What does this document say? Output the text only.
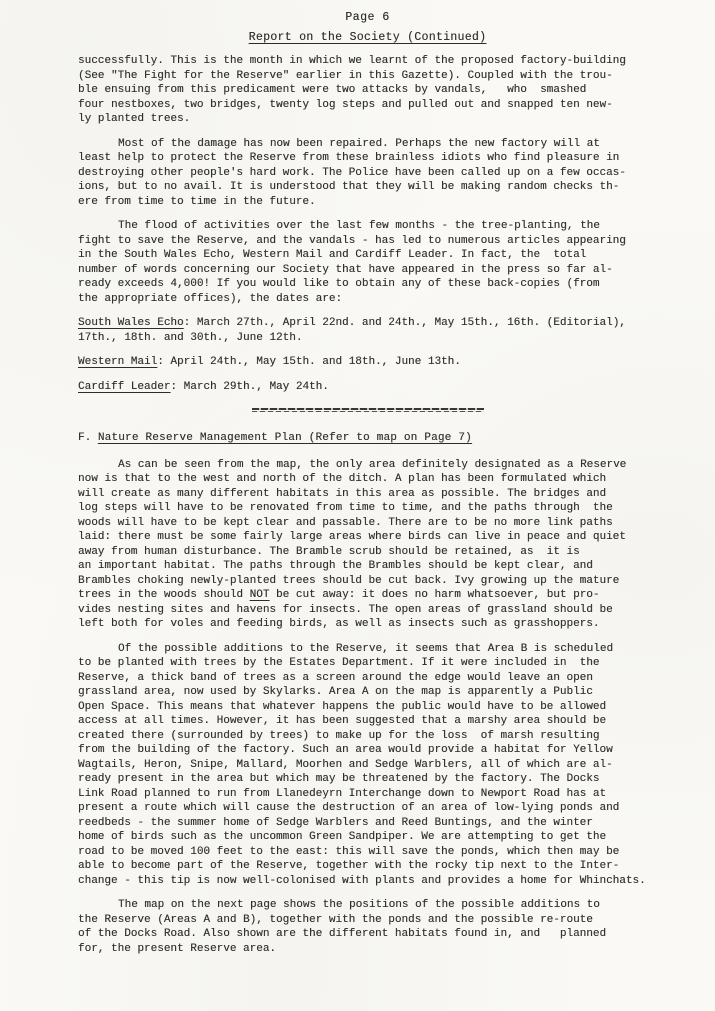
Page 6
Report on the Society (Continued)
successfully. This is the month in which we learnt of the proposed factory-building
(See "The Fight for the Reserve" earlier in this Gazette). Coupled with the trou-
ble ensuing from this predicament were two attacks by vandals,   who  smashed
four nestboxes, two bridges, twenty log steps and pulled out and snapped ten new-
ly planted trees.
Most of the damage has now been repaired. Perhaps the new factory will at
least help to protect the Reserve from these brainless idiots who find pleasure in
destroying other people's hard work. The Police have been called up on a few occas-
ions, but to no avail. It is understood that they will be making random checks th-
ere from time to time in the future.
The flood of activities over the last few months - the tree-planting, the
fight to save the Reserve, and the vandals - has led to numerous articles appearing
in the South Wales Echo, Western Mail and Cardiff Leader. In fact, the  total
number of words concerning our Society that have appeared in the press so far al-
ready exceeds 4,000! If you would like to obtain any of these back-copies (from
the appropriate offices), the dates are:
South Wales Echo: March 27th., April 22nd. and 24th., May 15th., 16th. (Editorial),
17th., 18th. and 30th., June 12th.
Western Mail: April 24th., May 15th. and 18th., June 13th.
Cardiff Leader: March 29th., May 24th.
F. Nature Reserve Management Plan (Refer to map on Page 7)
As can be seen from the map, the only area definitely designated as a Reserve
now is that to the west and north of the ditch. A plan has been formulated which
will create as many different habitats in this area as possible. The bridges and
log steps will have to be renovated from time to time, and the paths through  the
woods will have to be kept clear and passable. There are to be no more link paths
laid: there must be some fairly large areas where birds can live in peace and quiet
away from human disturbance. The Bramble scrub should be retained, as  it is
an important habitat. The paths through the Brambles should be kept clear, and
Brambles choking newly-planted trees should be cut back. Ivy growing up the mature
trees in the woods should NOT be cut away: it does no harm whatsoever, but pro-
vides nesting sites and havens for insects. The open areas of grassland should be
left both for voles and feeding birds, as well as insects such as grasshoppers.
Of the possible additions to the Reserve, it seems that Area B is scheduled
to be planted with trees by the Estates Department. If it were included in  the
Reserve, a thick band of trees as a screen around the edge would leave an open
grassland area, now used by Skylarks. Area A on the map is apparently a Public
Open Space. This means that whatever happens the public would have to be allowed
access at all times. However, it has been suggested that a marshy area should be
created there (surrounded by trees) to make up for the loss  of marsh resulting
from the building of the factory. Such an area would provide a habitat for Yellow
Wagtails, Heron, Snipe, Mallard, Moorhen and Sedge Warblers, all of which are al-
ready present in the area but which may be threatened by the factory. The Docks
Link Road planned to run from Llanedeyrn Interchange down to Newport Road has at
present a route which will cause the destruction of an area of low-lying ponds and
reedbeds - the summer home of Sedge Warblers and Reed Buntings, and the winter
home of birds such as the uncommon Green Sandpiper. We are attempting to get the
road to be moved 100 feet to the east: this will save the ponds, which then may be
able to become part of the Reserve, together with the rocky tip next to the Inter-
change - this tip is now well-colonised with plants and provides a home for Whinchats.
The map on the next page shows the positions of the possible additions to
the Reserve (Areas A and B), together with the ponds and the possible re-route
of the Docks Road. Also shown are the different habitats found in, and   planned
for, the present Reserve area.
